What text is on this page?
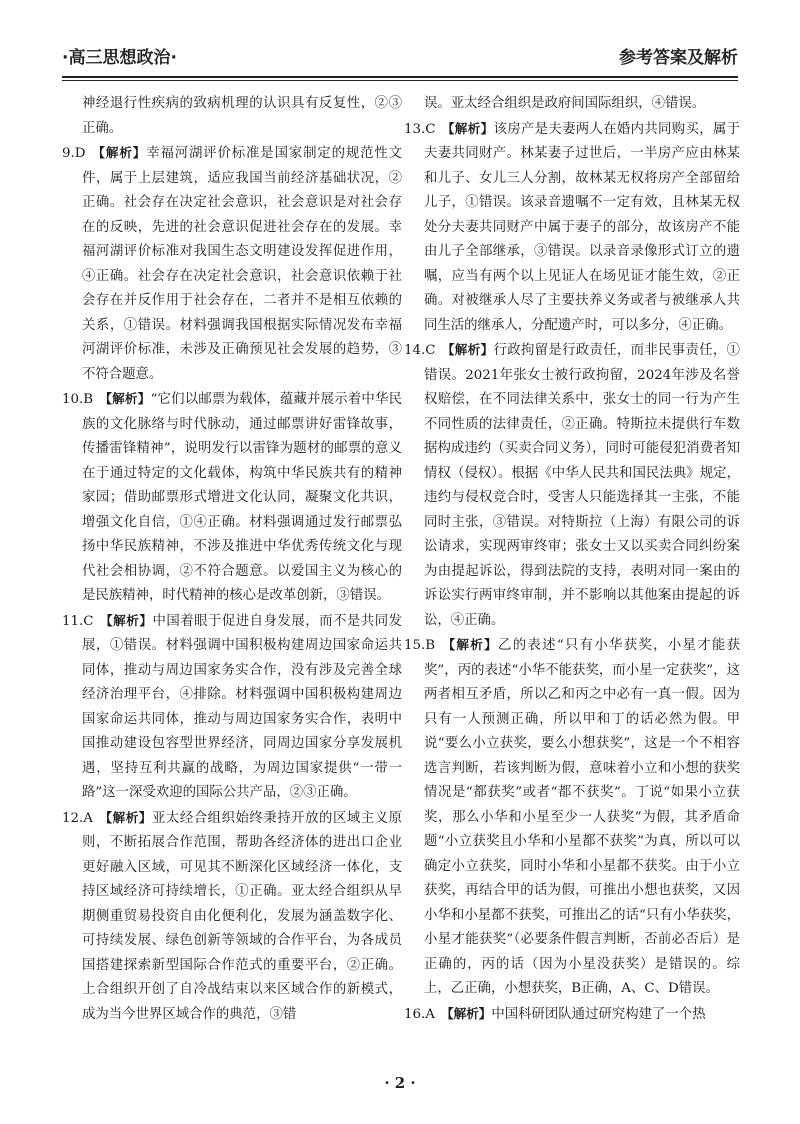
·高三思想政治·	参考答案及解析

神经退行性疾病的致病机理的认识具有反复性，②③正确。

9.D 【解析】幸福河湖评价标准是国家制定的规范性文件，属于上层建筑，适应我国当前经济基础状况，②正确。社会存在决定社会意识，社会意识是对社会存在的反映，先进的社会意识促进社会存在的发展。幸福河湖评价标准对我国生态文明建设发挥促进作用，④正确。社会存在决定社会意识，社会意识依赖于社会存在并反作用于社会存在，二者并不是相互依赖的关系，①错误。材料强调我国根据实际情况发布幸福河湖评价标准，未涉及正确预见社会发展的趋势，③不符合题意。

10.B 【解析】“它们以邮票为载体，蕴藏并展示着中华民族的文化脉络与时代脉动，通过邮票讲好雷锋故事，传播雷锋精神”，说明发行以雷锋为题材的邮票的意义在于通过特定的文化载体，构筑中华民族共有的精神家园；借助邮票形式增进文化认同，凝聚文化共识，增强文化自信，①④正确。材料强调通过发行邮票弘扬中华民族精神，不涉及推进中华优秀传统文化与现代社会相协调，②不符合题意。以爱国主义为核心的是民族精神，时代精神的核心是改革创新，③错误。

11.C 【解析】中国着眼于促进自身发展，而不是共同发展，①错误。材料强调中国积极构建周边国家命运共同体，推动与周边国家务实合作，没有涉及完善全球经济治理平台，④排除。材料强调中国积极构建周边国家命运共同体，推动与周边国家务实合作，表明中国推动建设包容型世界经济，同周边国家分享发展机遇，坚持互利共赢的战略，为周边国家提供“一带一路”这一深受欢迎的国际公共产品，②③正确。

12.A 【解析】亚太经合组织始终秉持开放的区域主义原则，不断拓展合作范围，帮助各经济体的进出口企业更好融入区域，可见其不断深化区域经济一体化，支持区域经济可持续增长，①正确。亚太经合组织从早期侧重贸易投资自由化便利化，发展为涵盖数字化、可持续发展、绿色创新等领域的合作平台，为各成员国搭建探索新型国际合作范式的重要平台，②正确。上合组织开创了自冷战结束以来区域合作的新模式，成为当今世界区域合作的典范，③错

误。亚太经合组织是政府间国际组织，④错误。

13.C 【解析】该房产是夫妻两人在婚内共同购买，属于夫妻共同财产。林某妻子过世后，一半房产应由林某和儿子、女儿三人分割，故林某无权将房产全部留给儿子，①错误。该录音遗嘱不一定有效，且林某无权处分夫妻共同财产中属于妻子的部分，故该房产不能由儿子全部继承，③错误。以录音录像形式订立的遗嘱，应当有两个以上见证人在场见证才能生效，②正确。对被继承人尽了主要扶养义务或者与被继承人共同生活的继承人，分配遗产时，可以多分，④正确。

14.C 【解析】行政拘留是行政责任，而非民事责任，①错误。2021年张女士被行政拘留，2024年涉及名誉权赔偿，在不同法律关系中，张女士的同一行为产生不同性质的法律责任，②正确。特斯拉未提供行车数据构成违约（买卖合同义务），同时可能侵犯消费者知情权（侵权）。根据《中华人民共和国民法典》规定，违约与侵权竞合时，受害人只能选择其一主张，不能同时主张，③错误。对特斯拉（上海）有限公司的诉讼请求，实现两审终审；张女士又以买卖合同纠纷案为由提起诉讼，得到法院的支持，表明对同一案由的诉讼实行两审终审制，并不影响以其他案由提起的诉讼，④正确。

15.B 【解析】乙的表述“只有小华获奖，小星才能获奖”，丙的表述“小华不能获奖，而小星一定获奖”，这两者相互矛盾，所以乙和丙之中必有一真一假。因为只有一人预测正确，所以甲和丁的话必然为假。甲说“要么小立获奖，要么小想获奖”，这是一个不相容选言判断，若该判断为假，意味着小立和小想的获奖情况是“都获奖”或者“都不获奖”。丁说“如果小立获奖，那么小华和小星至少一人获奖”为假，其矛盾命题“小立获奖且小华和小星都不获奖”为真，所以可以确定小立获奖，同时小华和小星都不获奖。由于小立获奖，再结合甲的话为假，可推出小想也获奖，又因小华和小星都不获奖，可推出乙的话“只有小华获奖，小星才能获奖”（必要条件假言判断，否前必否后）是正确的，丙的话（因为小星没获奖）是错误的。综上，乙正确，小想获奖，B正确，A、C、D错误。

16.A 【解析】中国科研团队通过研究构建了一个热

· 2 ·
